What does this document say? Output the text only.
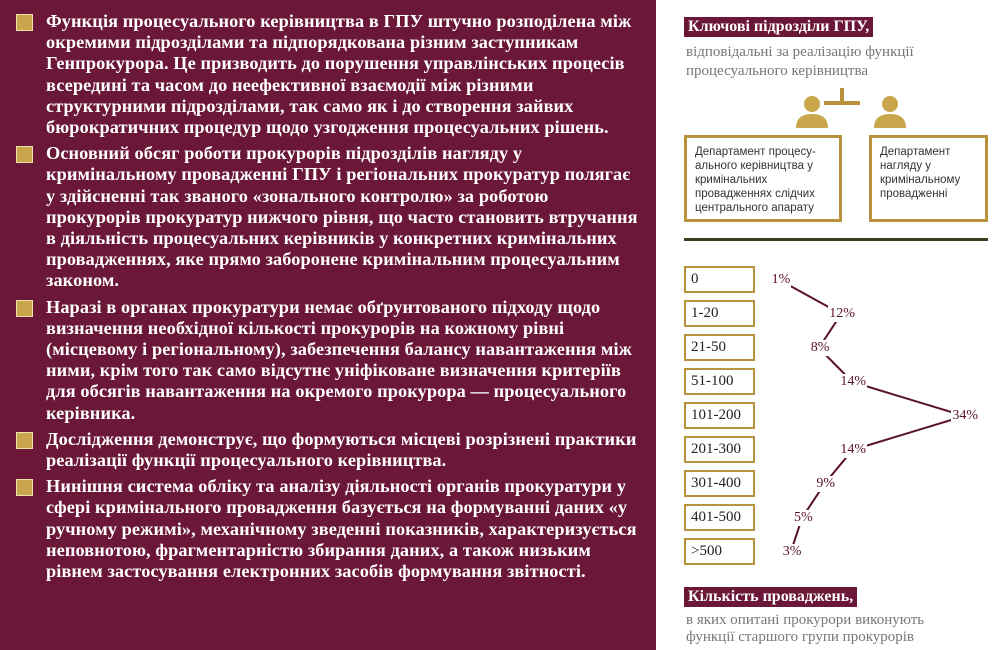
Функція процесуального керівництва в ГПУ штучно розподілена між окремими підрозділами та підпорядкована різним заступникам Генпрокурора. Це призводить до порушення управлінських процесів всередині та часом до неефективної взаємодії між різними структурними підрозділами, так само як і до створення зайвих бюрократичних процедур щодо узгодження процесуальних рішень.
Основний обсяг роботи прокурорів підрозділів нагляду у кримінальному провадженні ГПУ і регіональних прокуратур полягає у здійсненні так званого «зонального контролю» за роботою прокурорів прокуратур нижчого рівня, що часто становить втручання в діяльність процесуальних керівників у конкретних кримінальних провадженнях, яке прямо заборонене кримінальним процесуальним законом.
Наразі в органах прокуратури немає обґрунтованого підходу щодо визначення необхідної кількості прокурорів на кожному рівні (місцевому і регіональному), забезпечення балансу навантаження між ними, крім того так само відсутнє уніфіковане визначення критеріїв для обсягів навантаження на окремого прокурора — процесуального керівника.
Дослідження демонструє, що формуються місцеві розрізнені практики реалізації функції процесуального керівництва.
Нинішня система обліку та аналізу діяльності органів прокуратури у сфері кримінального провадження базується на формуванні даних «у ручному режимі», механічному зведенні показників, характеризується неповнотою, фрагментарністю збирання даних, а також низьким рівнем застосування електронних засобів формування звітності.
Ключові підрозділи ГПУ,
відповідальні за реалізацію функції
процесуального керівництва
Департамент процесу-ального керівництва у кримінальних провадженнях слідчих центрального апарату
Департамент нагляду у кримінальному провадженні
0
1-20
21-50
51-100
101-200
201-300
301-400
401-500
>500
1%
12%
8%
14%
34%
14%
9%
5%
3%
Кількість проваджень,
в яких опитані прокурори виконують
функції старшого групи прокурорів
